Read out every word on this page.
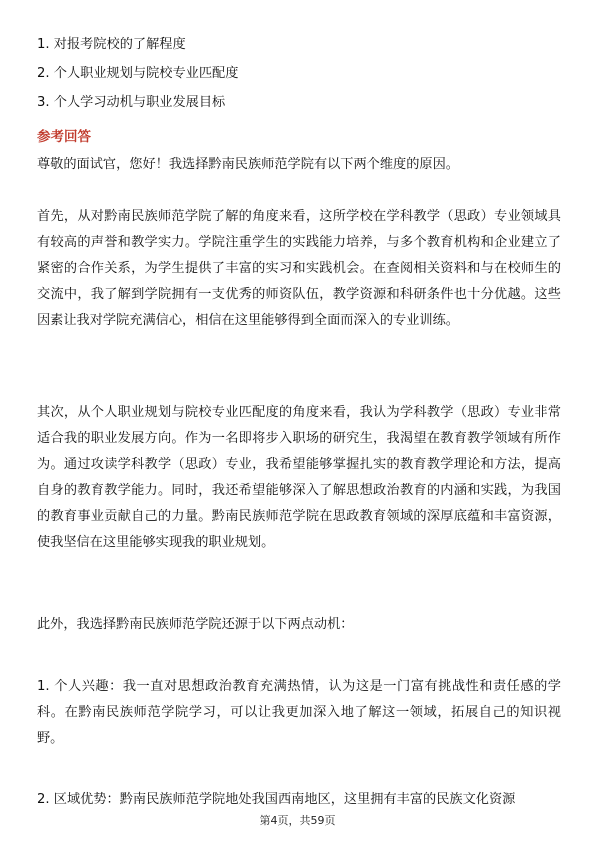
1. 对报考院校的了解程度
2. 个人职业规划与院校专业匹配度
3. 个人学习动机与职业发展目标
参考回答

尊敬的面试官，您好！我选择黔南民族师范学院有以下两个维度的原因。

首先，从对黔南民族师范学院了解的角度来看，这所学校在学科教学（思政）专业领域具有较高的声誉和教学实力。学院注重学生的实践能力培养，与多个教育机构和企业建立了紧密的合作关系，为学生提供了丰富的实习和实践机会。在查阅相关资料和与在校师生的交流中，我了解到学院拥有一支优秀的师资队伍，教学资源和科研条件也十分优越。这些因素让我对学院充满信心，相信在这里能够得到全面而深入的专业训练。

其次，从个人职业规划与院校专业匹配度的角度来看，我认为学科教学（思政）专业非常适合我的职业发展方向。作为一名即将步入职场的研究生，我渴望在教育教学领域有所作为。通过攻读学科教学（思政）专业，我希望能够掌握扎实的教育教学理论和方法，提高自身的教育教学能力。同时，我还希望能够深入了解思想政治教育的内涵和实践，为我国的教育事业贡献自己的力量。黔南民族师范学院在思政教育领域的深厚底蕴和丰富资源，使我坚信在这里能够实现我的职业规划。

此外，我选择黔南民族师范学院还源于以下两点动机：

1. 个人兴趣：我一直对思想政治教育充满热情，认为这是一门富有挑战性和责任感的学科。在黔南民族师范学院学习，可以让我更加深入地了解这一领域，拓展自己的知识视野。

2. 区域优势：黔南民族师范学院地处我国西南地区，这里拥有丰富的民族文化资源

第4页，共59页
